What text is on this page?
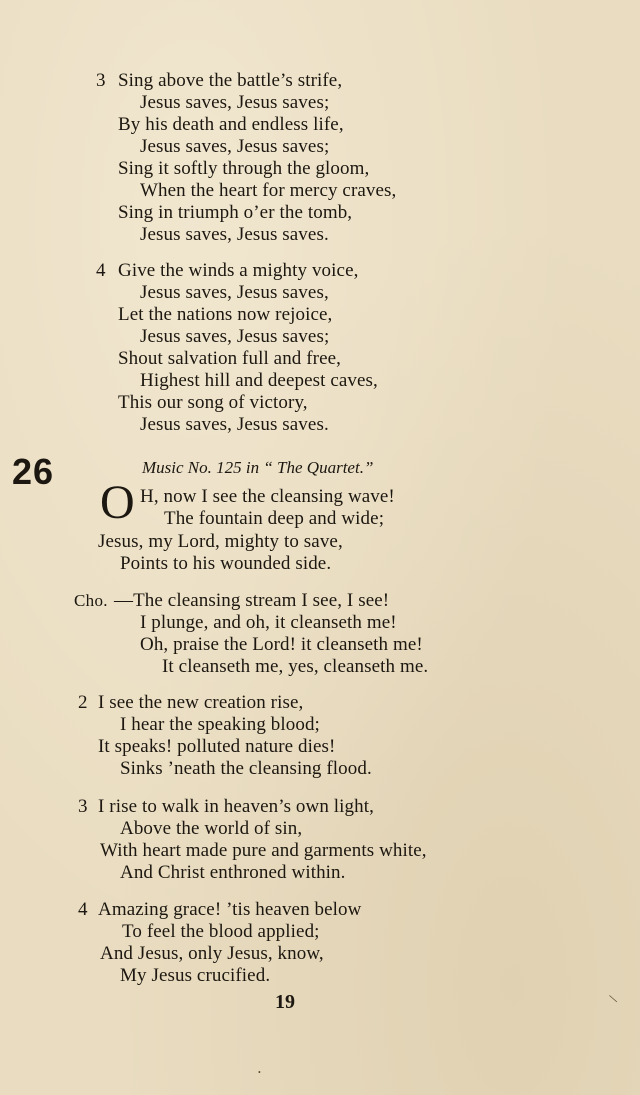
3 Sing above the battle’s strife,
Jesus saves, Jesus saves;
By his death and endless life,
Jesus saves, Jesus saves;
Sing it softly through the gloom,
When the heart for mercy craves,
Sing in triumph o’er the tomb,
Jesus saves, Jesus saves.
4 Give the winds a mighty voice,
Jesus saves, Jesus saves,
Let the nations now rejoice,
Jesus saves, Jesus saves;
Shout salvation full and free,
Highest hill and deepest caves,
This our song of victory,
Jesus saves, Jesus saves.
26	Music No. 125 in “ The Quartet.”
O H, now I see the cleansing wave!
The fountain deep and wide;
Jesus, my Lord, mighty to save,
Points to his wounded side.
Cho. —The cleansing stream I see, I see!
I plunge, and oh, it cleanseth me!
Oh, praise the Lord! it cleanseth me!
It cleanseth me, yes, cleanseth me.
2 I see the new creation rise,
I hear the speaking blood;
It speaks! polluted nature dies!
Sinks ’neath the cleansing flood.
3 I rise to walk in heaven’s own light,
Above the world of sin,
With heart made pure and garments white,
And Christ enthroned within.
4 Amazing grace! ’tis heaven below
To feel the blood applied;
And Jesus, only Jesus, know,
My Jesus crucified.
19	\
•
